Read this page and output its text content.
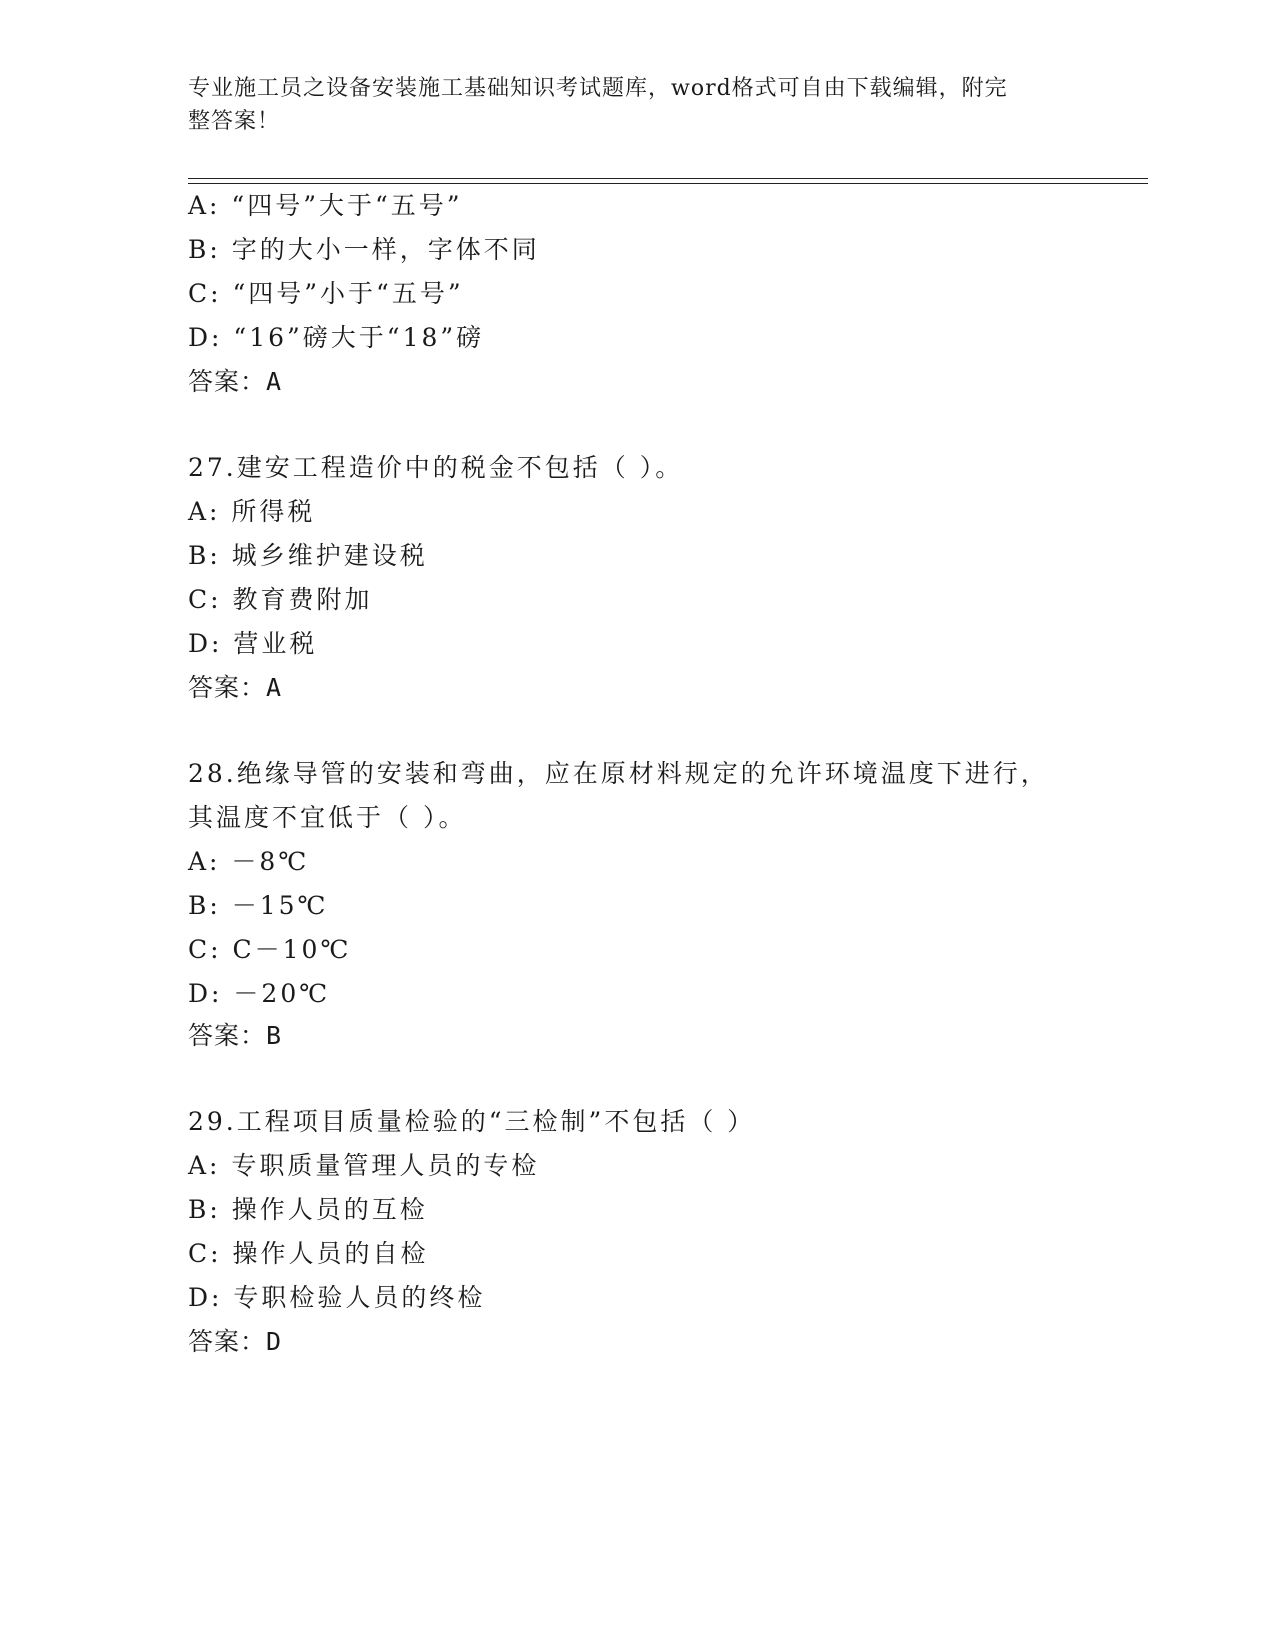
专业施工员之设备安装施工基础知识考试题库，word格式可自由下载编辑，附完
整答案！
A: “四号”大于“五号”
B: 字的大小一样，字体不同
C: “四号”小于“五号”
D: “16”磅大于“18”磅
答案：A
27.建安工程造价中的税金不包括（ ）。
A: 所得税
B: 城乡维护建设税
C: 教育费附加
D: 营业税
答案：A
28.绝缘导管的安装和弯曲，应在原材料规定的允许环境温度下进行，
其温度不宜低于（ ）。
A: －8℃
B: －15℃
C: C－10℃
D: －20℃
答案：B
29.工程项目质量检验的“三检制”不包括（ ）
A: 专职质量管理人员的专检
B: 操作人员的互检
C: 操作人员的自检
D: 专职检验人员的终检
答案：D
